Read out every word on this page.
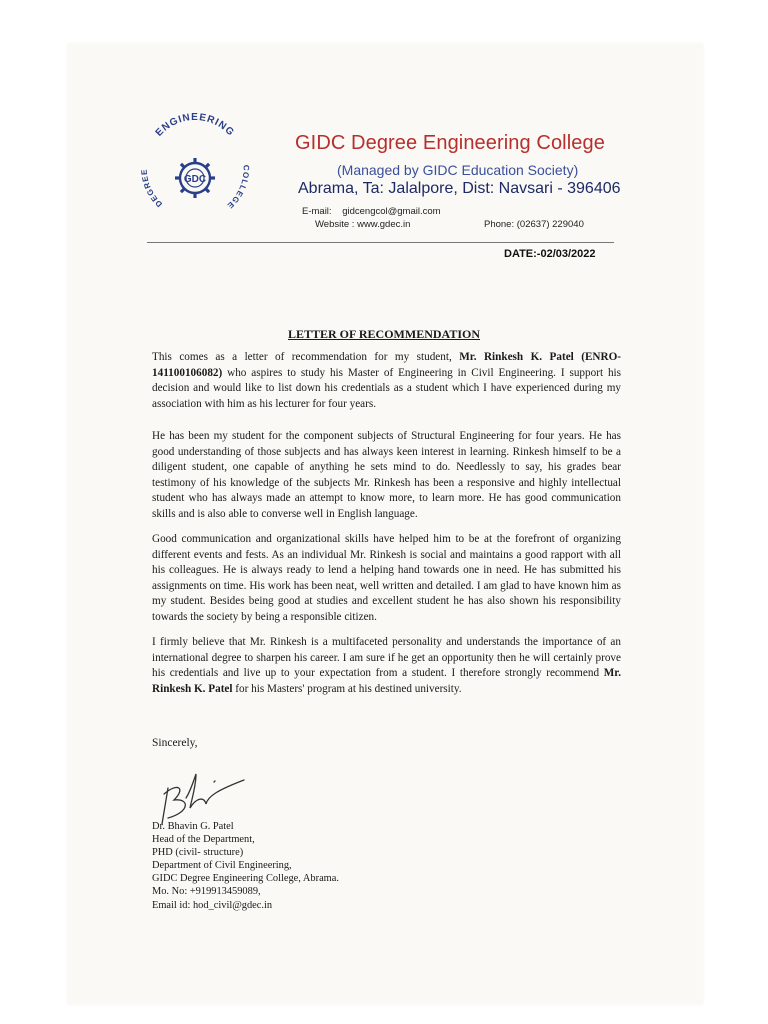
ENGINEERING
DEGREE
COLLEGE
GDC
GIDC Degree Engineering College
(Managed by GIDC Education Society)
Abrama, Ta: Jalalpore, Dist: Navsari - 396406
E-mail: gidcengcol@gmail.com
Website : www.gdec.in	Phone: (02637) 229040
DATE:-02/03/2022
LETTER OF RECOMMENDATION

This comes as a letter of recommendation for my student, Mr. Rinkesh K. Patel (ENRO-141100106082) who aspires to study his Master of Engineering in Civil Engineering. I support his decision and would like to list down his credentials as a student which I have experienced during my association with him as his lecturer for four years.

He has been my student for the component subjects of Structural Engineering for four years. He has good understanding of those subjects and has always keen interest in learning. Rinkesh himself to be a diligent student, one capable of anything he sets mind to do. Needlessly to say, his grades bear testimony of his knowledge of the subjects Mr. Rinkesh has been a responsive and highly intellectual student who has always made an attempt to know more, to learn more. He has good communication skills and is also able to converse well in English language.

Good communication and organizational skills have helped him to be at the forefront of organizing different events and fests. As an individual Mr. Rinkesh is social and maintains a good rapport with all his colleagues. He is always ready to lend a helping hand towards one in need. He has submitted his assignments on time. His work has been neat, well written and detailed. I am glad to have known him as my student. Besides being good at studies and excellent student he has also shown his responsibility towards the society by being a responsible citizen.

I firmly believe that Mr. Rinkesh is a multifaceted personality and understands the importance of an international degree to sharpen his career. I am sure if he get an opportunity then he will certainly prove his credentials and live up to your expectation from a student. I therefore strongly recommend Mr. Rinkesh K. Patel for his Masters' program at his destined university.

Sincerely,
Dr. Bhavin G. Patel
Head of the Department,
PHD (civil- structure)
Department of Civil Engineering,
GIDC Degree Engineering College, Abrama.
Mo. No: +919913459089,
Email id: hod_civil@gdec.in
